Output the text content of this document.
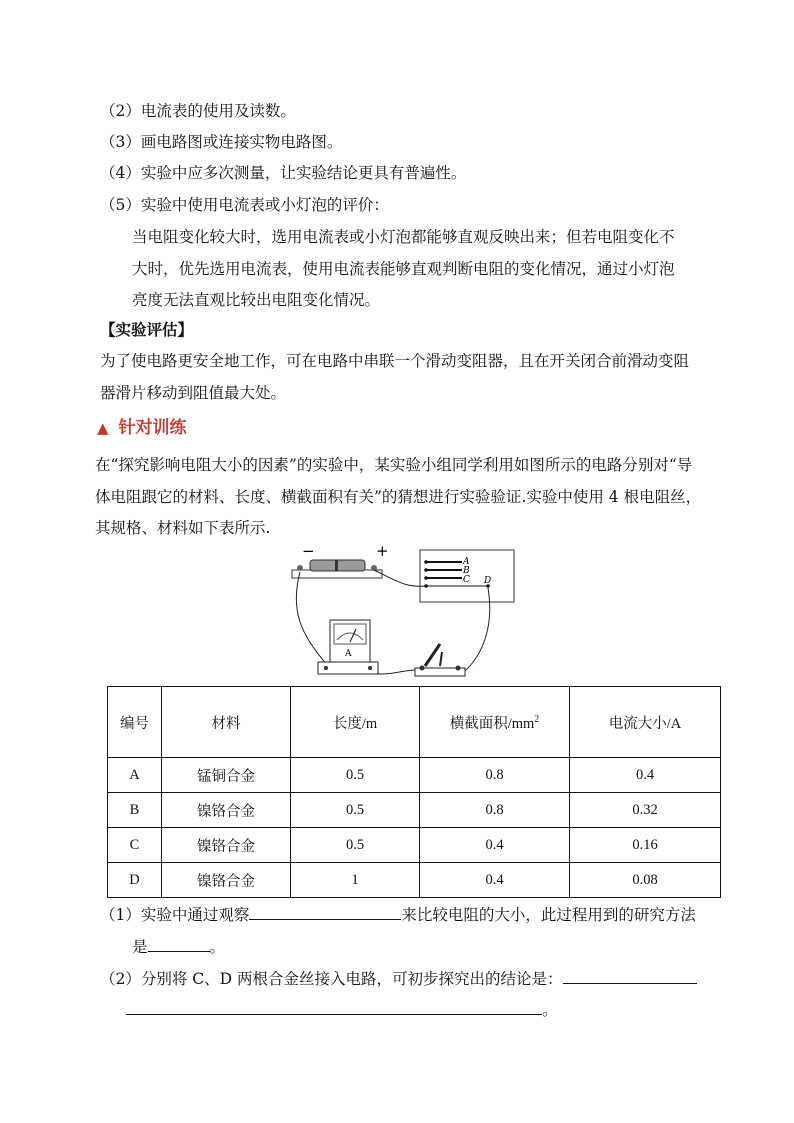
（2）电流表的使用及读数。
（3）画电路图或连接实物电路图。
（4）实验中应多次测量，让实验结论更具有普遍性。
（5）实验中使用电流表或小灯泡的评价：
当电阻变化较大时，选用电流表或小灯泡都能够直观反映出来；但若电阻变化不
大时，优先选用电流表，使用电流表能够直观判断电阻的变化情况，通过小灯泡
亮度无法直观比较出电阻变化情况。
【实验评估】
为了使电路更安全地工作，可在电路中串联一个滑动变阻器，且在开关闭合前滑动变阻
器滑片移动到阻值最大处。
▲ 针对训练
在“探究影响电阻大小的因素”的实验中，某实验小组同学利用如图所示的电路分别对“导
体电阻跟它的材料、长度、横截面积有关”的猜想进行实验验证.实验中使用 4 根电阻丝，
其规格、材料如下表所示.
−	+
A
B
C D
A
编号	材料	长度/m	横截面积$/mm^2$	电流大小/A
A	锰铜合金	0.5	0.8	0.4
B	镍铬合金	0.5	0.8	0.32
C	镍铬合金	0.5	0.4	0.16
D	镍铬合金	1	0.4	0.08
（1）实验中通过观察	来比较电阻的大小，此过程用到的研究方法
是	。
（2）分别将 C、D 两根合金丝接入电路，可初步探究出的结论是：
。
